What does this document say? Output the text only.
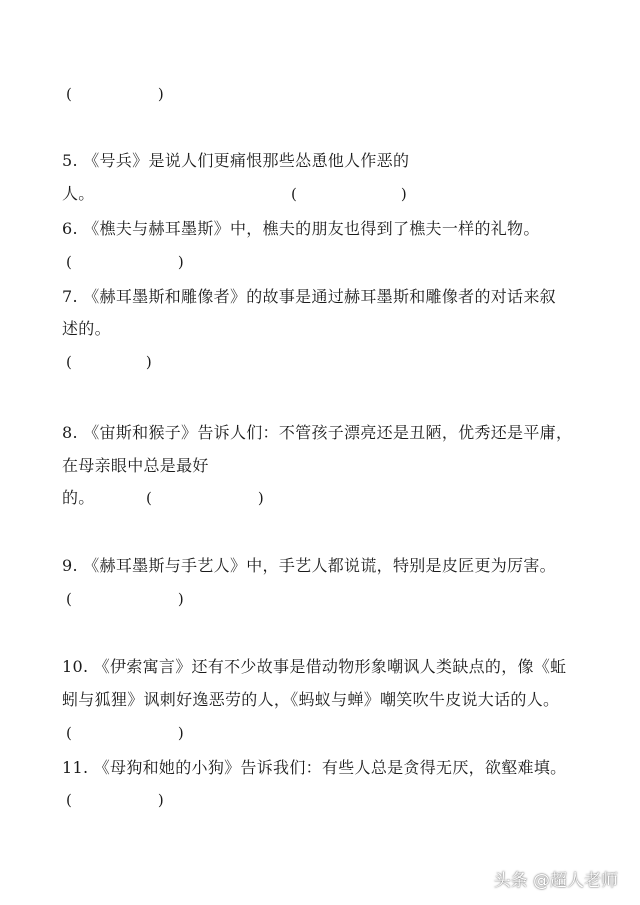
(	)
5. 《号兵》是说人们更痛恨那些怂恿他人作恶的
人。	(	)
6. 《樵夫与赫耳墨斯》中，樵夫的朋友也得到了樵夫一样的礼物。
(	)
7. 《赫耳墨斯和雕像者》的故事是通过赫耳墨斯和雕像者的对话来叙
述的。
(	)
8. 《宙斯和猴子》告诉人们：不管孩子漂亮还是丑陋，优秀还是平庸，
在母亲眼中总是最好
的。	(	)
9. 《赫耳墨斯与手艺人》中，手艺人都说谎，特别是皮匠更为厉害。
(	)
10. 《伊索寓言》还有不少故事是借动物形象嘲讽人类缺点的，像《蚯
蚓与狐狸》讽刺好逸恶劳的人，《蚂蚁与蝉》嘲笑吹牛皮说大话的人。
(	)
11. 《母狗和她的小狗》告诉我们：有些人总是贪得无厌，欲壑难填。
(	)
头条 @超人老师
